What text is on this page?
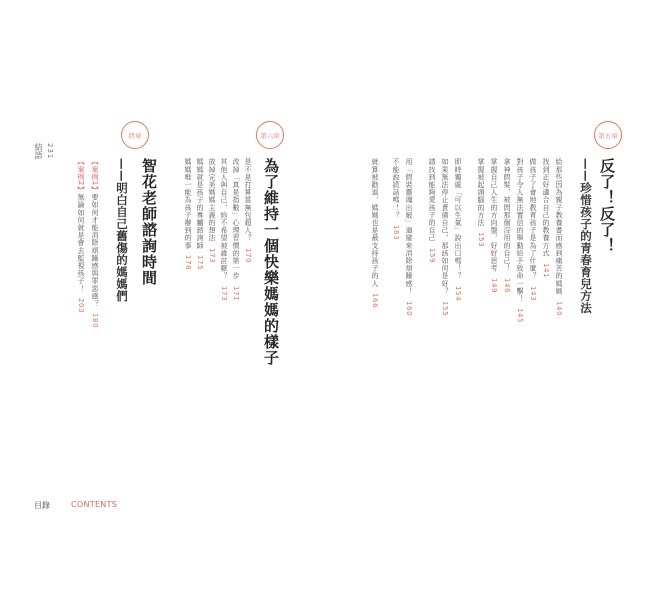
結語 231
終章
智花老師諮詢時間
——明白自己舊傷的媽媽們
【案例1】要如何才能消除煩躁感與罪惡感？180
【案例2】無論如何就是會去監視孩子！203
第六章
為了維持一個快樂媽媽的樣子
是不是打算當無包超人？170
改掉「真是指數」心理習慣的第一步171
其他人與自己，妳不希望被誰討厭？173
放掉完美媽媽主義的想法173
媽媽就是孩子的專屬諮詢師175
媽媽唯一能為孩子辦到的事176
第五章
反了！反了！
——珍惜孩子的青春育兒方法
給那些因為親子教養書而感到痛苦的媽媽140
找到正好適合自己的教養方式141
做孩子了會地教育孩子是為了什麼？143
對孩子令人無法置信的舉動給予致命一擊！145
拿神假髮，被問那個沒用的自己！146
掌握自己人生的方向盤，好好思考149
掌握被起頭腦的方法153
即時獨處「可以生氣」說出口嗎！？154
如果無法停止責備自己，那該如何是好？155
請找到能夠愛孩子的自己159
用「假裝靈魂出竅」迴避來消除煩躁感！160
不能說謊話嗎！？163
就算被勸退，媽媽也是最支持孩子的人166
目錄	CONTENTS
